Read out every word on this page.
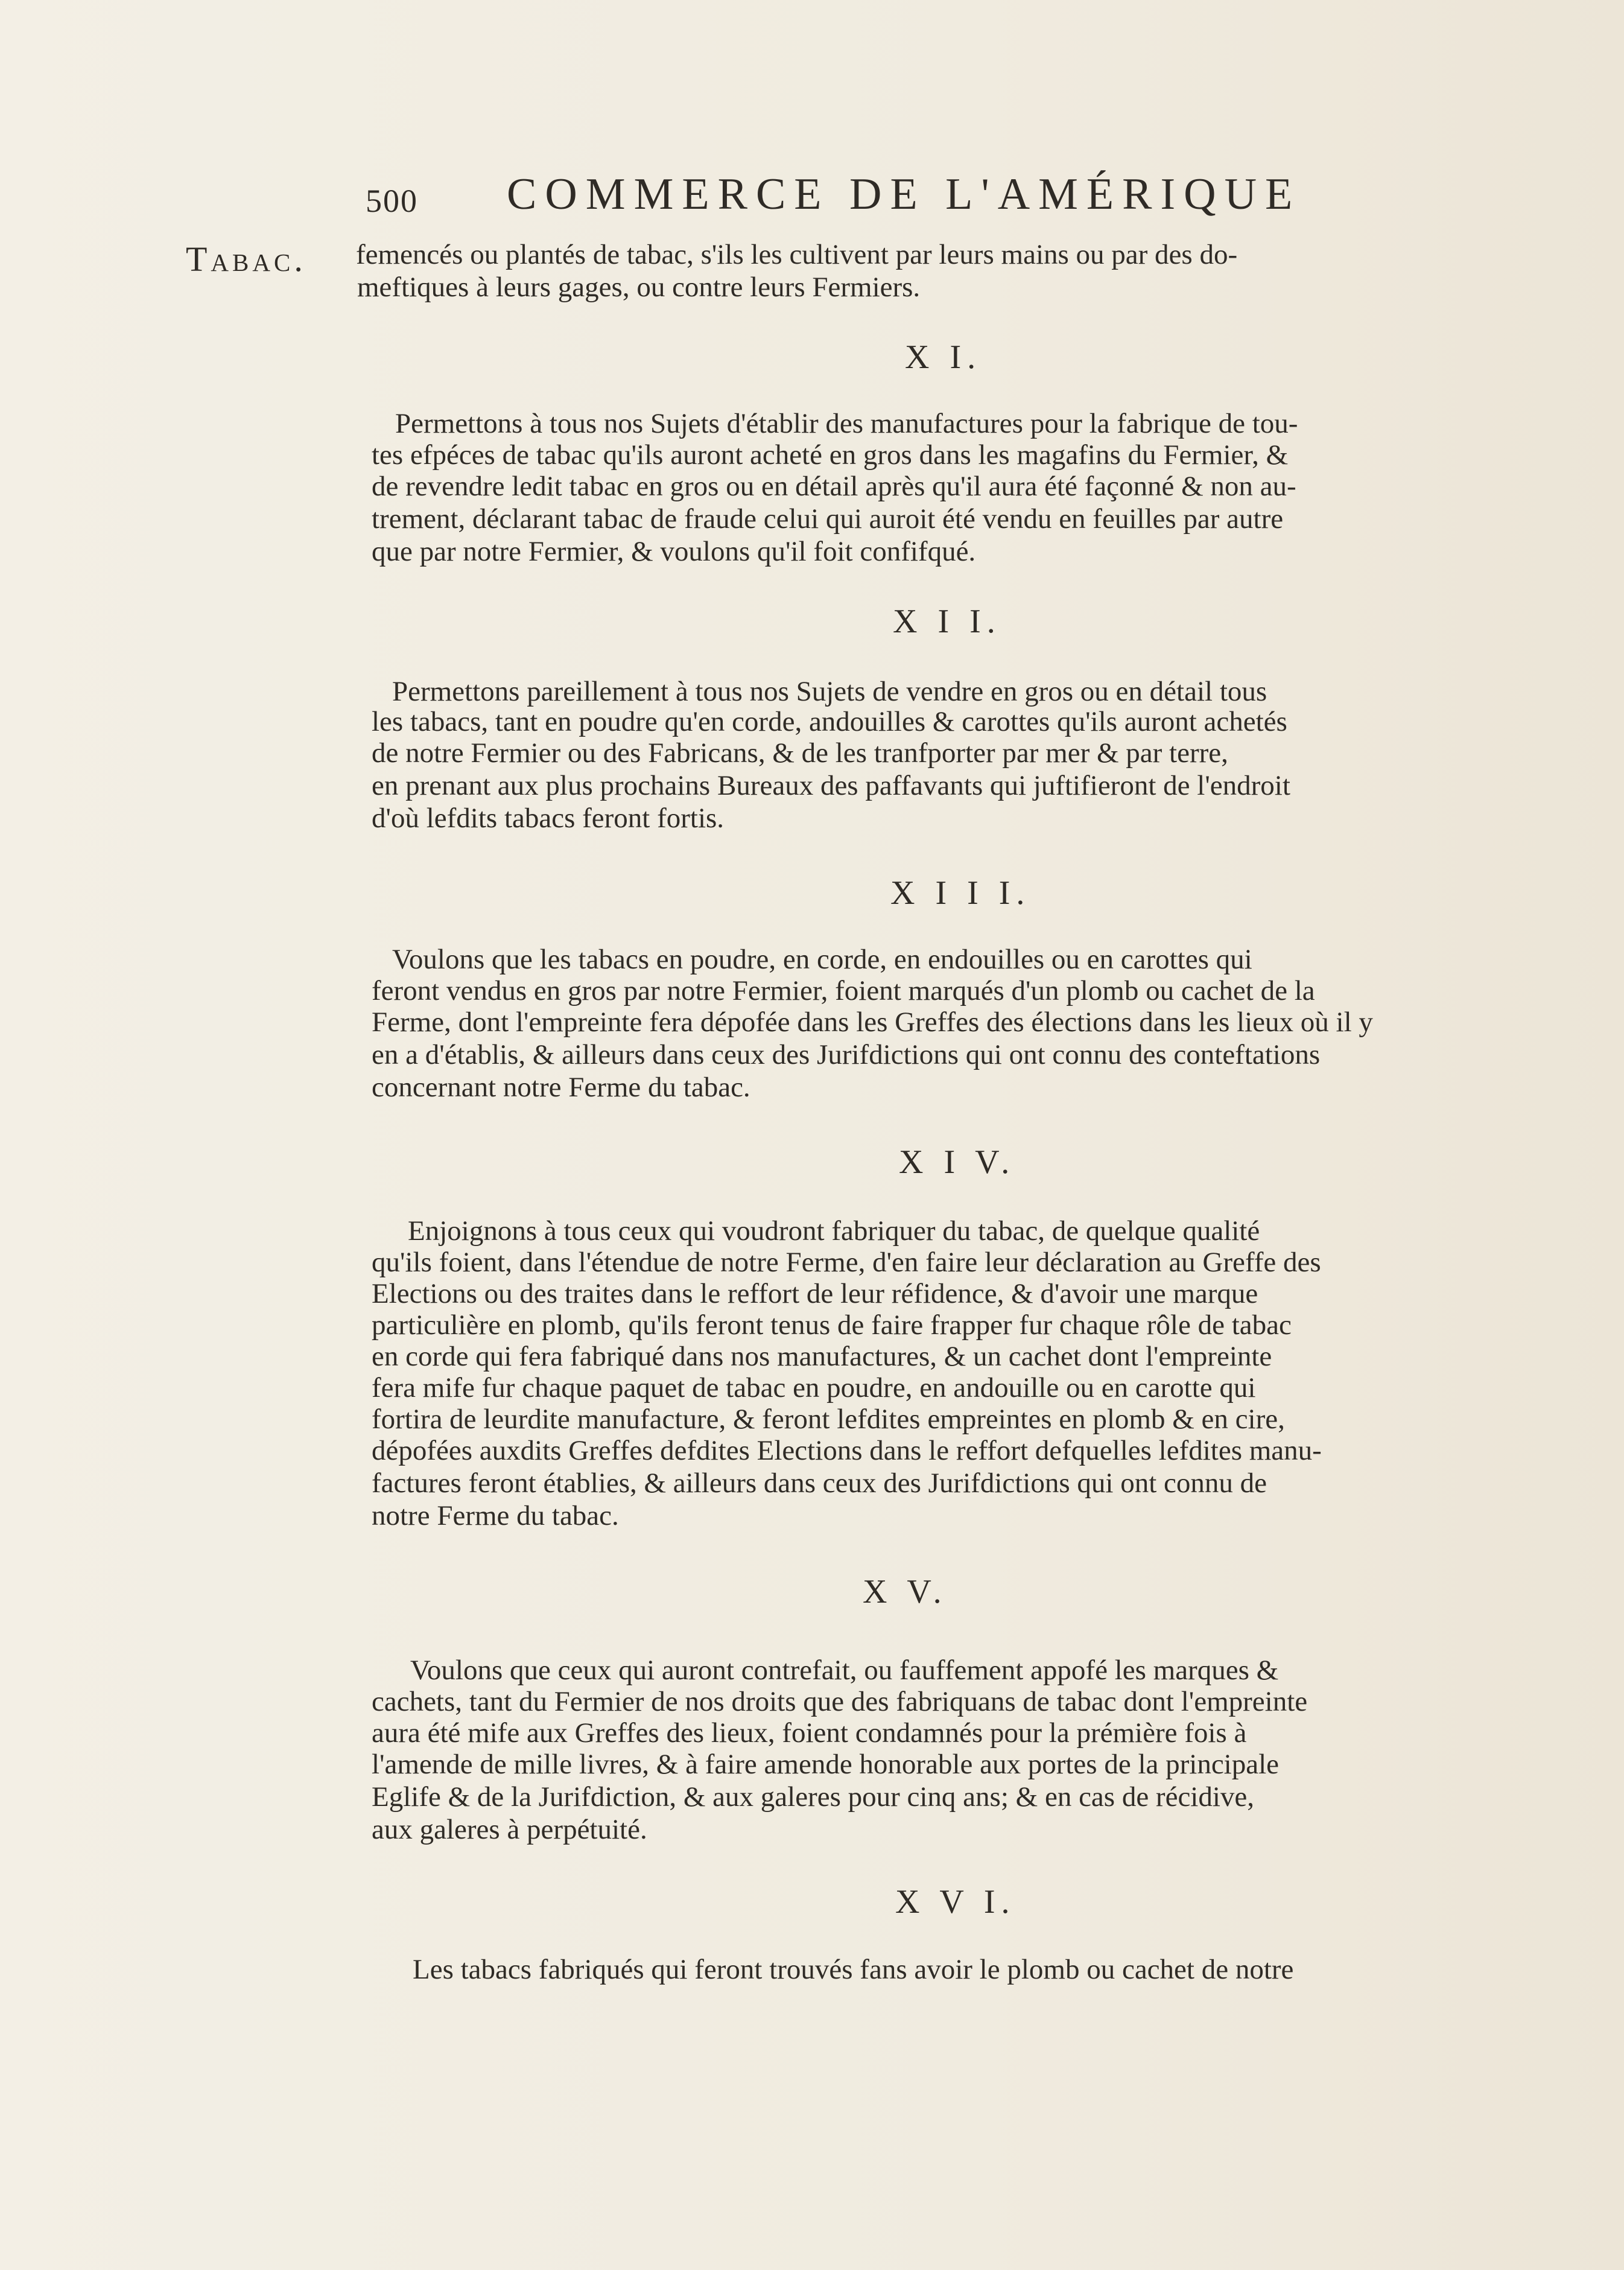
500 COMMERCE DE L'AMÉRIQUE
Tabac. femencés ou plantés de tabac, s'ils les cultivent par leurs mains ou par des do-
meftiques à leurs gages, ou contre leurs Fermiers.
X I.
Permettons à tous nos Sujets d'établir des manufactures pour la fabrique de tou-
tes efpéces de tabac qu'ils auront acheté en gros dans les magafins du Fermier, &
de revendre ledit tabac en gros ou en détail après qu'il aura été façonné & non au-
trement, déclarant tabac de fraude celui qui auroit été vendu en feuilles par autre
que par notre Fermier, & voulons qu'il foit confifqué.
X I I.
Permettons pareillement à tous nos Sujets de vendre en gros ou en détail tous
les tabacs, tant en poudre qu'en corde, andouilles & carottes qu'ils auront achetés
de notre Fermier ou des Fabricans, & de les tranfporter par mer & par terre,
en prenant aux plus prochains Bureaux des paffavants qui juftifieront de l'endroit
d'où lefdits tabacs feront fortis.
X I I I.
Voulons que les tabacs en poudre, en corde, en endouilles ou en carottes qui
feront vendus en gros par notre Fermier, foient marqués d'un plomb ou cachet de la
Ferme, dont l'empreinte fera dépofée dans les Greffes des élections dans les lieux où il y
en a d'établis, & ailleurs dans ceux des Jurifdictions qui ont connu des conteftations
concernant notre Ferme du tabac.
X I V.
Enjoignons à tous ceux qui voudront fabriquer du tabac, de quelque qualité
qu'ils foient, dans l'étendue de notre Ferme, d'en faire leur déclaration au Greffe des
Elections ou des traites dans le reffort de leur réfidence, & d'avoir une marque
particulière en plomb, qu'ils feront tenus de faire frapper fur chaque rôle de tabac
en corde qui fera fabriqué dans nos manufactures, & un cachet dont l'empreinte
fera mife fur chaque paquet de tabac en poudre, en andouille ou en carotte qui
fortira de leurdite manufacture, & feront lefdites empreintes en plomb & en cire,
dépofées auxdits Greffes defdites Elections dans le reffort defquelles lefdites manu-
factures feront établies, & ailleurs dans ceux des Jurifdictions qui ont connu de
notre Ferme du tabac.
X V.
Voulons que ceux qui auront contrefait, ou fauffement appofé les marques &
cachets, tant du Fermier de nos droits que des fabriquans de tabac dont l'empreinte
aura été mife aux Greffes des lieux, foient condamnés pour la prémière fois à
l'amende de mille livres, & à faire amende honorable aux portes de la principale
Eglife & de la Jurifdiction, & aux galeres pour cinq ans; & en cas de récidive,
aux galeres à perpétuité.
X V I.
Les tabacs fabriqués qui feront trouvés fans avoir le plomb ou cachet de notre
